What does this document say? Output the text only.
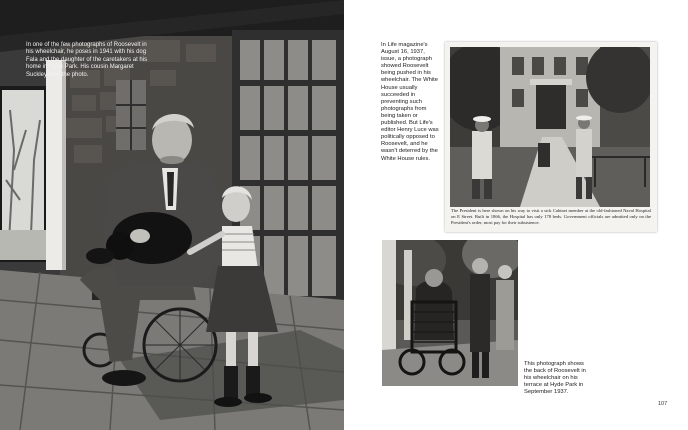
In one of the few photographs of Roosevelt in his wheelchair, he poses in 1941 with his dog Fala and the daughter of the caretakers at his home in Hyde Park. His cousin Margaret Suckley took the photo.

In Life magazine's August 16, 1937, issue, a photograph showed Roosevelt being pushed in his wheelchair. The White House usually succeeded in preventing such photographs from being taken or published. But Life's editor Henry Luce was politically opposed to Roosevelt, and he wasn't deterred by the White House rules.

The President is here shown on his way to visit a sick Cabinet member at the old-fashioned Naval Hospital on E Street. Built in 1866, the Hospital has only 178 beds. Government officials are admitted only on the President's order, most pay for their subsistence.

This photograph shows the back of Roosevelt in his wheelchair on his terrace at Hyde Park in September 1937.

107
